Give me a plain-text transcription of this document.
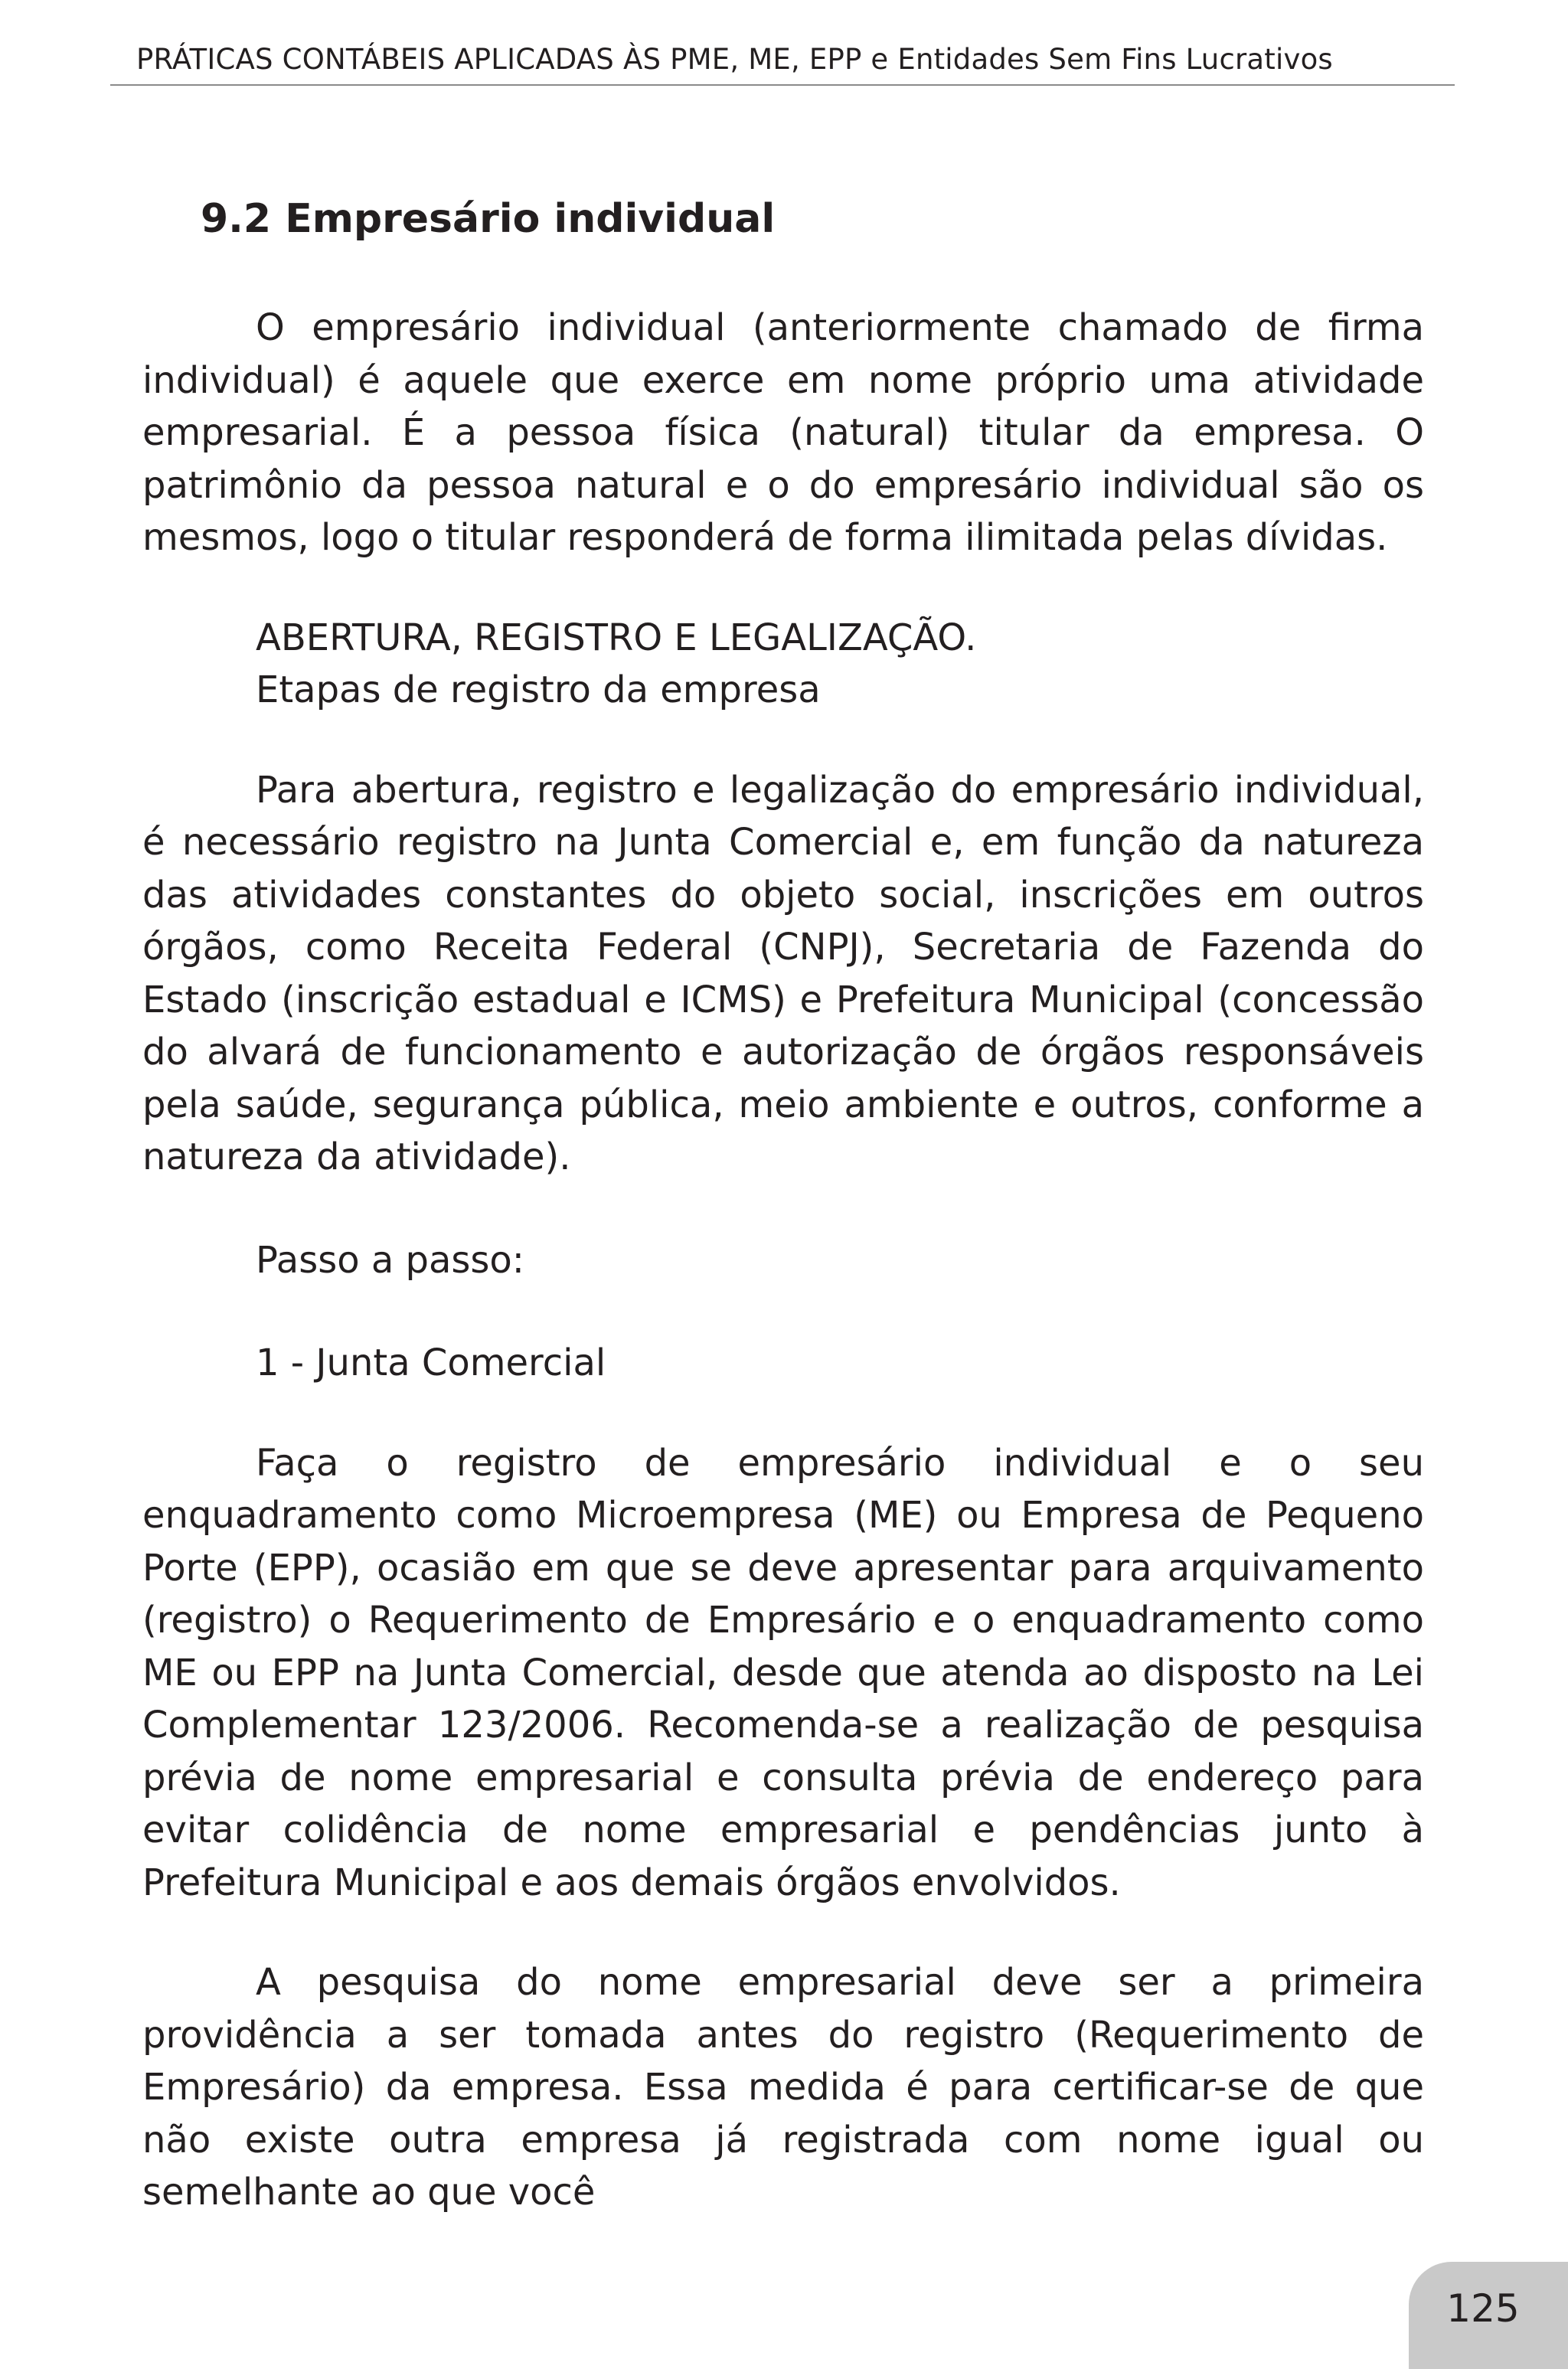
PRÁTICAS CONTÁBEIS APLICADAS ÀS PME, ME, EPP e Entidades Sem Fins Lucrativos
9.2 Empresário individual

O empresário individual (anteriormente chamado de firma individual) é aquele que exerce em nome próprio uma atividade empresarial. É a pessoa física (natural) titular da empresa. O patrimônio da pessoa natural e o do empresário individual são os mesmos, logo o titular responderá de forma ilimitada pelas dívidas.

ABERTURA, REGISTRO E LEGALIZAÇÃO.
Etapas de registro da empresa

Para abertura, registro e legalização do empresário individual, é necessário registro na Junta Comercial e, em função da natureza das atividades constantes do objeto social, inscrições em outros órgãos, como Receita Federal (CNPJ), Secretaria de Fazenda do Estado (inscrição estadual e ICMS) e Prefeitura Municipal (concessão do alvará de funcionamento e autorização de órgãos responsáveis pela saúde, segurança pública, meio ambiente e outros, conforme a natureza da atividade).

Passo a passo:
1 - Junta Comercial

Faça o registro de empresário individual e o seu enquadramento como Microempresa (ME) ou Empresa de Pequeno Porte (EPP), ocasião em que se deve apresentar para arquivamento (registro) o Requerimento de Empresário e o enquadramento como ME ou EPP na Junta Comercial, desde que atenda ao disposto na Lei Complementar 123/2006. Recomenda-se a realização de pesquisa prévia de nome empresarial e consulta prévia de endereço para evitar colidência de nome empresarial e pendências junto à Prefeitura Municipal e aos demais órgãos envolvidos.

A pesquisa do nome empresarial deve ser a primeira providência a ser tomada antes do registro (Requerimento de Empresário) da empresa. Essa medida é para certificar-se de que não existe outra empresa já registrada com nome igual ou semelhante ao que você

125
